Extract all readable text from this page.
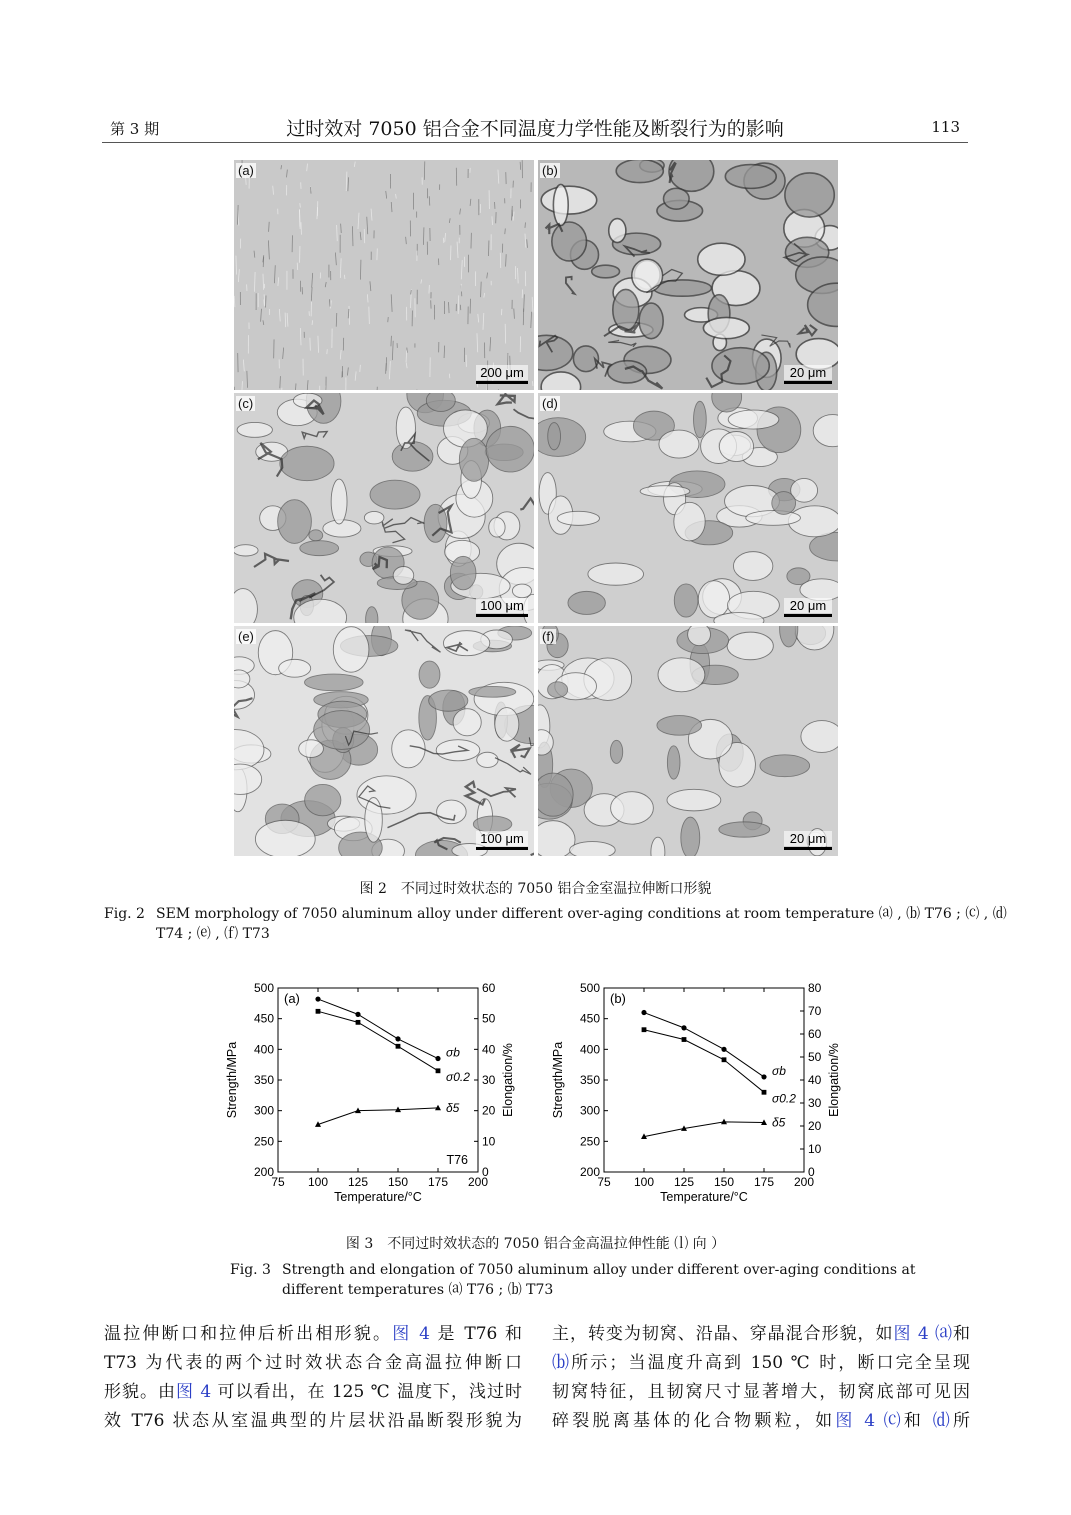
第 3 期	过时效对 7050 铝合金不同温度力学性能及断裂行为的影响	113
(a)
200 μm
(b)
20 μm
(c)
100 μm
(d)
20 μm
(e)
100 μm
(f)
20 μm
图 2　不同过时效状态的 7050 铝合金室温拉伸断口形貌
Fig. 2 SEM morphology of 7050 aluminum alloy under different over-aging conditions at room temperature ⒜ , ⒝ T76 ; ⒞ , ⒟
T74 ; ⒠ , ⒡ T73
75 100 125 150 175 200
200
250
300
350
400
450
500
0
10
20
30
40
50
60
Temperature/°C
Strength/MPa	Elongation/%
(a)
T76
σb
σ0.2
δ5
75 100 125 150 175 200
200
250
300
350
400
450
500
0
10
20
30
40
50
60
70
80
Temperature/°C
Strength/MPa	Elongation/%
(b)
σb
σ0.2
δ5
图 3　不同过时效状态的 7050 铝合金高温拉伸性能 ⒧ 向 ）
Fig. 3 Strength and elongation of 7050 aluminum alloy under different over-aging conditions at
different temperatures ⒜ T76 ; ⒝ T73
温拉伸断口和拉伸后析出相形貌。图 4 是 T76 和
T73 为代表的两个过时效状态合金高温拉伸断口
形貌。由图 4 可以看出，在 125 ℃ 温度下，浅过时
效 T76 状态从室温典型的片层状沿晶断裂形貌为
主，转变为韧窝、沿晶、穿晶混合形貌，如图 4 ⒜和
⒝所示；当温度升高到 150 ℃ 时，断口完全呈现
韧窝特征，且韧窝尺寸显著增大，韧窝底部可见因
碎裂脱离基体的化合物颗粒，如图 4 ⒞和 ⒟所
